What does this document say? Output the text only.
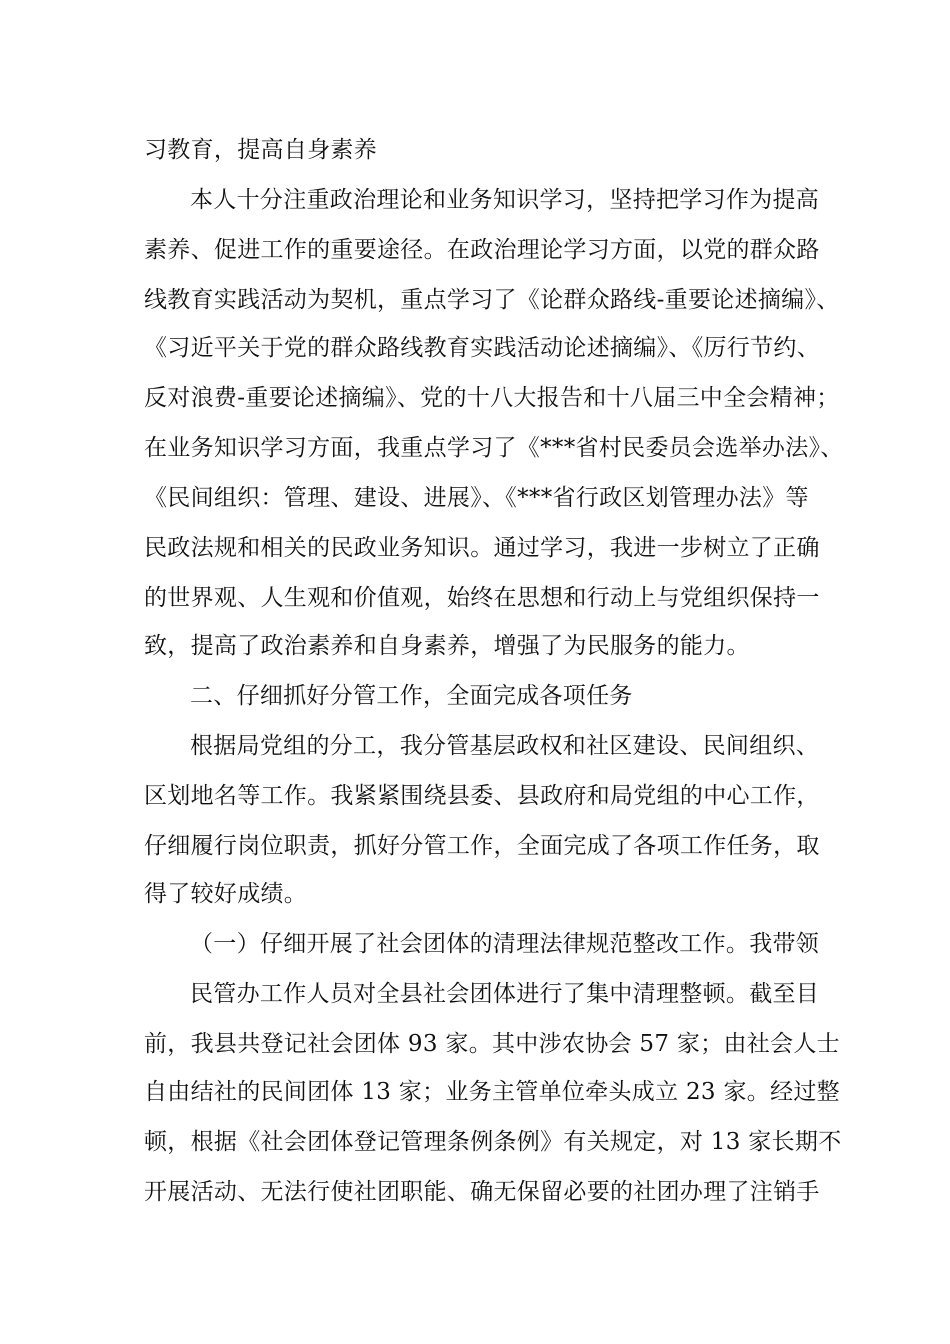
习教育，提高自身素养
本人十分注重政治理论和业务知识学习，坚持把学习作为提高
素养、促进工作的重要途径。在政治理论学习方面，以党的群众路
线教育实践活动为契机，重点学习了《论群众路线-重要论述摘编》、
《习近平关于党的群众路线教育实践活动论述摘编》、《厉行节约、
反对浪费-重要论述摘编》、党的十八大报告和十八届三中全会精神；
在业务知识学习方面，我重点学习了《***省村民委员会选举办法》、
《民间组织：管理、建设、进展》、《***省行政区划管理办法》等
民政法规和相关的民政业务知识。通过学习，我进一步树立了正确
的世界观、人生观和价值观，始终在思想和行动上与党组织保持一
致，提高了政治素养和自身素养，增强了为民服务的能力。
二、仔细抓好分管工作，全面完成各项任务
根据局党组的分工，我分管基层政权和社区建设、民间组织、
区划地名等工作。我紧紧围绕县委、县政府和局党组的中心工作，
仔细履行岗位职责，抓好分管工作，全面完成了各项工作任务，取
得了较好成绩。
（一）仔细开展了社会团体的清理法律规范整改工作。我带领
民管办工作人员对全县社会团体进行了集中清理整顿。截至目
前，我县共登记社会团体 93 家。其中涉农协会 57 家；由社会人士
自由结社的民间团体 13 家；业务主管单位牵头成立 23 家。经过整
顿，根据《社会团体登记管理条例条例》有关规定，对 13 家长期不
开展活动、无法行使社团职能、确无保留必要的社团办理了注销手
